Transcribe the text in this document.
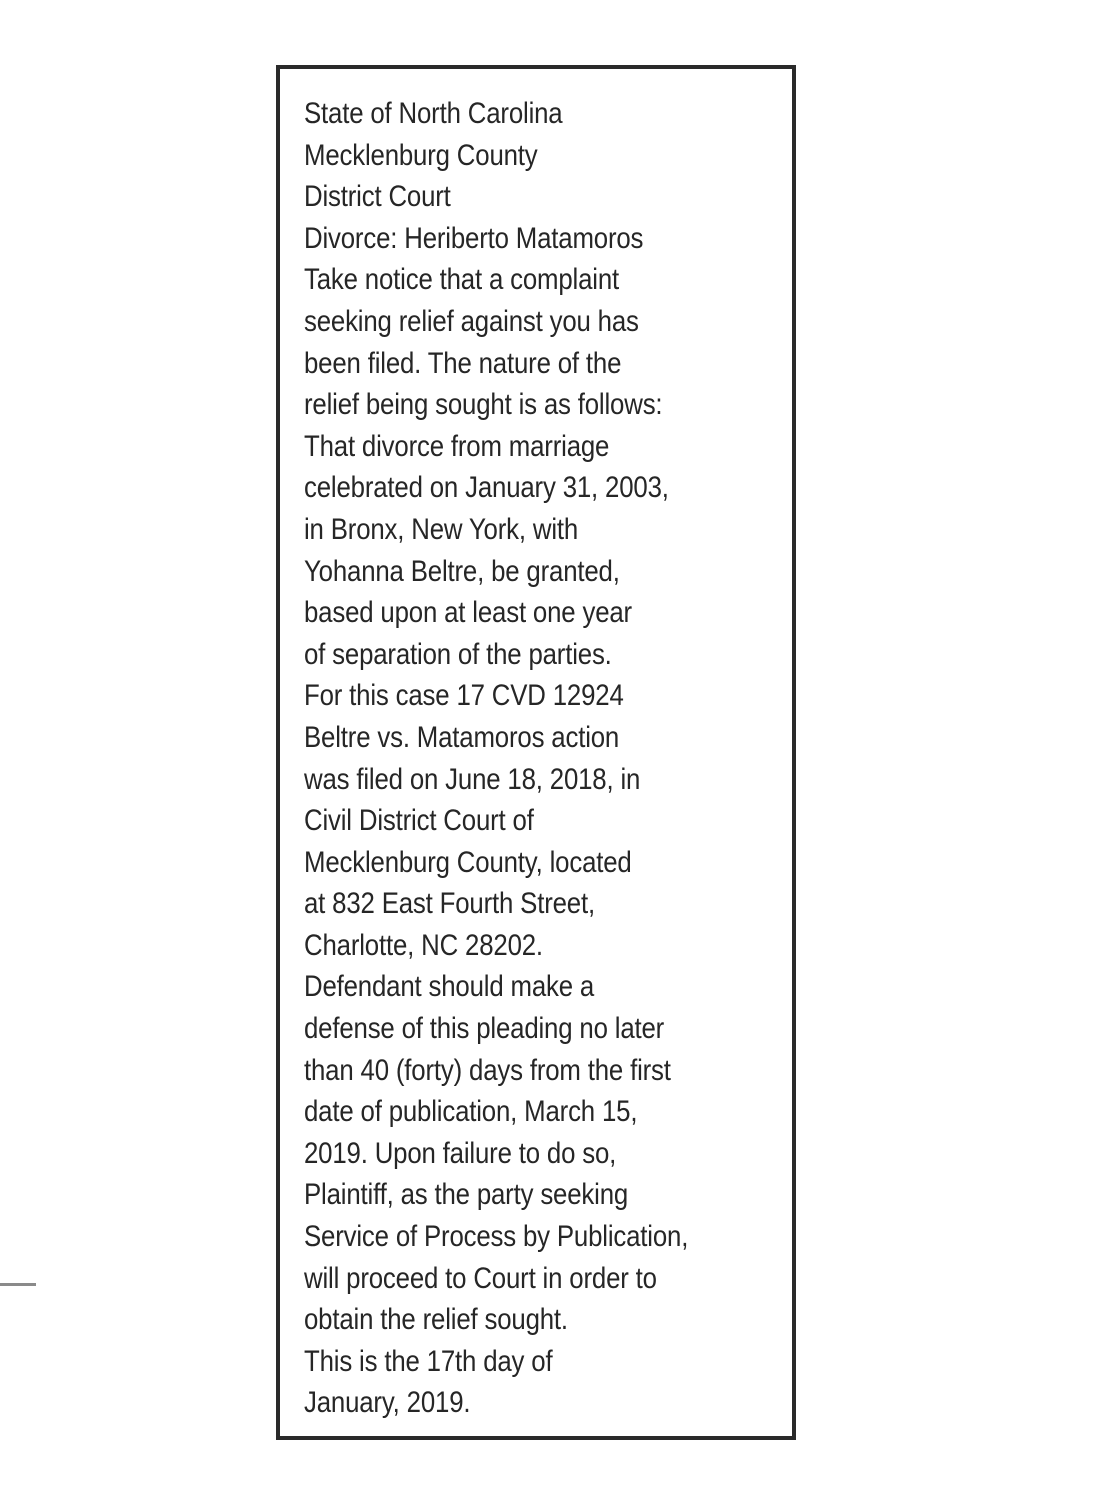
State of North Carolina
Mecklenburg County
District Court
Divorce: Heriberto Matamoros
Take notice that a complaint
seeking relief against you has
been filed. The nature of the
relief being sought is as follows:
That divorce from marriage
celebrated on January 31, 2003,
in Bronx, New York, with
Yohanna Beltre, be granted,
based upon at least one year
of separation of the parties.
For this case 17 CVD 12924
Beltre vs. Matamoros action
was filed on June 18, 2018, in
Civil District Court of
Mecklenburg County, located
at 832 East Fourth Street,
Charlotte, NC 28202.
Defendant should make a
defense of this pleading no later
than 40 (forty) days from the first
date of publication, March 15,
2019. Upon failure to do so,
Plaintiff, as the party seeking
Service of Process by Publication,
will proceed to Court in order to
obtain the relief sought.
This is the 17th day of
January, 2019.
